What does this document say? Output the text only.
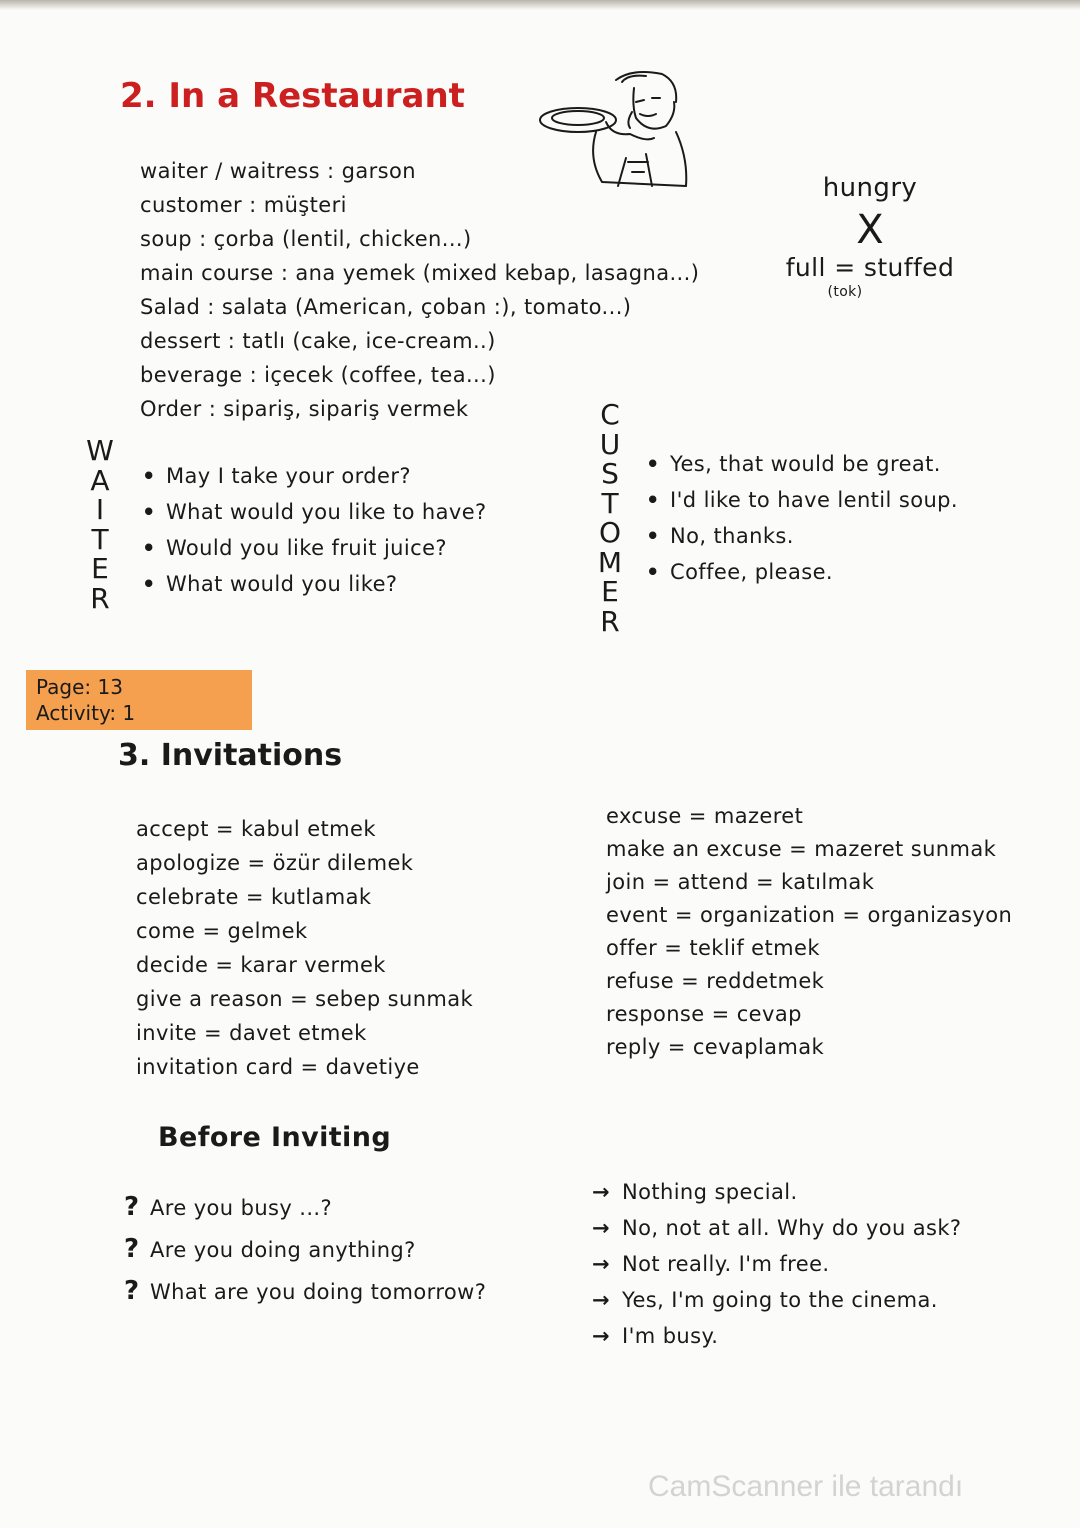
2. In a Restaurant
waiter / waitress : garson
customer : müşteri
soup : çorba (lentil, chicken...)
main course : ana yemek (mixed kebap, lasagna...)
Salad : salata (American, çoban :), tomato...)
dessert : tatlı (cake, ice-cream..)
beverage : içecek (coffee, tea...)
Order : sipariş, sipariş vermek
hungry
X
full = stuffed
(tok)
W
A
I
T
E
R
• May I take your order?
• What would you like to have?
• Would you like fruit juice?
• What would you like?
C
U
S
T
O
M
E
R
• Yes, that would be great.
• I'd like to have lentil soup.
• No, thanks.
• Coffee, please.
Page: 13
Activity: 1
3. Invitations
accept = kabul etmek
apologize = özür dilemek
celebrate = kutlamak
come = gelmek
decide = karar vermek
give a reason = sebep sunmak
invite = davet etmek
invitation card = davetiye
excuse = mazeret
make an excuse = mazeret sunmak
join = attend = katılmak
event = organization = organizasyon
offer = teklif etmek
refuse = reddetmek
response = cevap
reply = cevaplamak
Before Inviting
? Are you busy ...?
? Are you doing anything?
? What are you doing tomorrow?
→ Nothing special.
→ No, not at all. Why do you ask?
→ Not really. I'm free.
→ Yes, I'm going to the cinema.
→ I'm busy.
CamScanner ile tarandı
